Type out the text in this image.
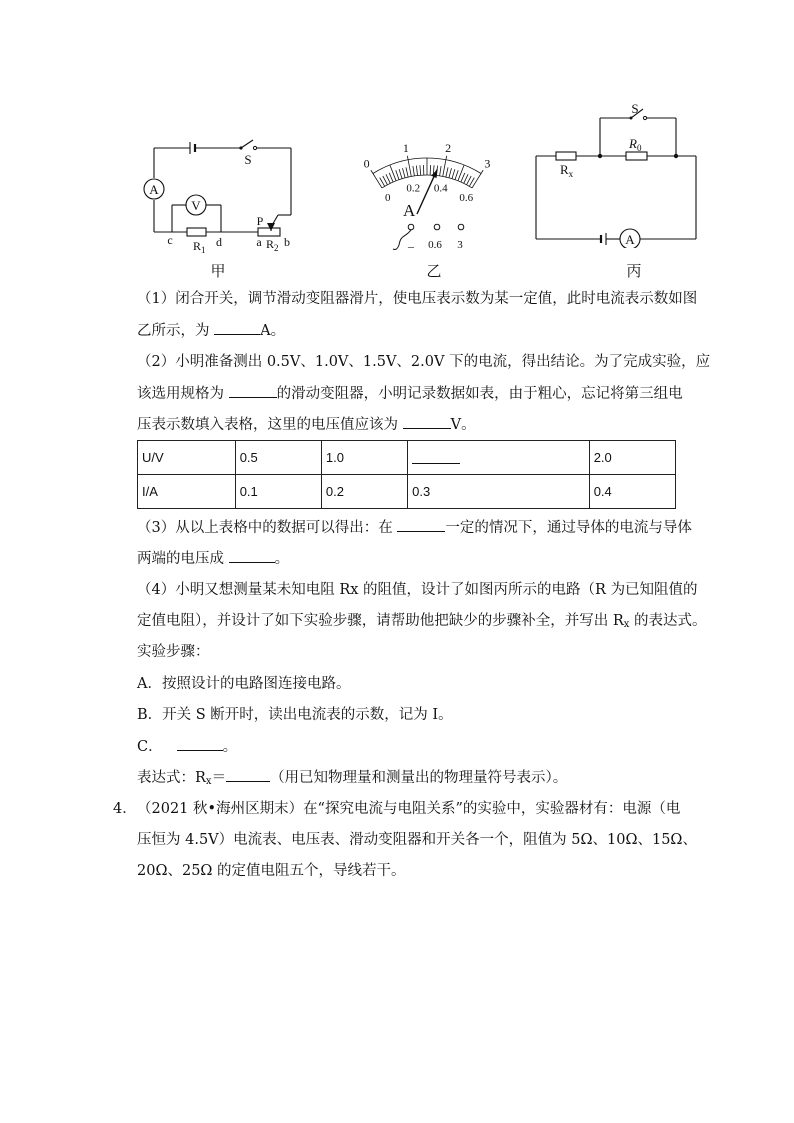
A
V
S
P
c	d	a b
$R_1$	$R_2$
甲
0
1	2
3
0
0.2 0.4
0.6
A
– 0.6 3
乙
S
$R_0$
$R_x$
A
丙
（1）闭合开关，调节滑动变阻器滑片，使电压表示数为某一定值，此时电流表示数如图
乙所示，为	A。
（2）小明准备测出 0.5V、1.0V、1.5V、2.0V 下的电流，得出结论。为了完成实验，应
该选用规格为	的滑动变阻器，小明记录数据如表，由于粗心，忘记将第三组电
压表示数填入表格，这里的电压值应该为	V。
U/V	0.5	1.0		2.0
I/A	0.1	0.2	0.3	0.4
（3）从以上表格中的数据可以得出：在	一定的情况下，通过导体的电流与导体
两端的电压成	。
（4）小明又想测量某未知电阻 Rx 的阻值，设计了如图丙所示的电路（R 为已知阻值的
定值电阻），并设计了如下实验步骤，请帮助他把缺少的步骤补全，并写出 $R_x$ 的表达式。
实验步骤：
A．按照设计的电路图连接电路。
B．开关 S 断开时，读出电流表的示数，记为 I。
C．	。
表达式：$R_x=$	（用已知物理量和测量出的物理量符号表示）。
4． （2021 秋•海州区期末）在“探究电流与电阻关系”的实验中，实验器材有：电源（电
压恒为 4.5V）电流表、电压表、滑动变阻器和开关各一个，阻值为 5Ω、10Ω、15Ω、
20Ω、25Ω 的定值电阻五个，导线若干。
